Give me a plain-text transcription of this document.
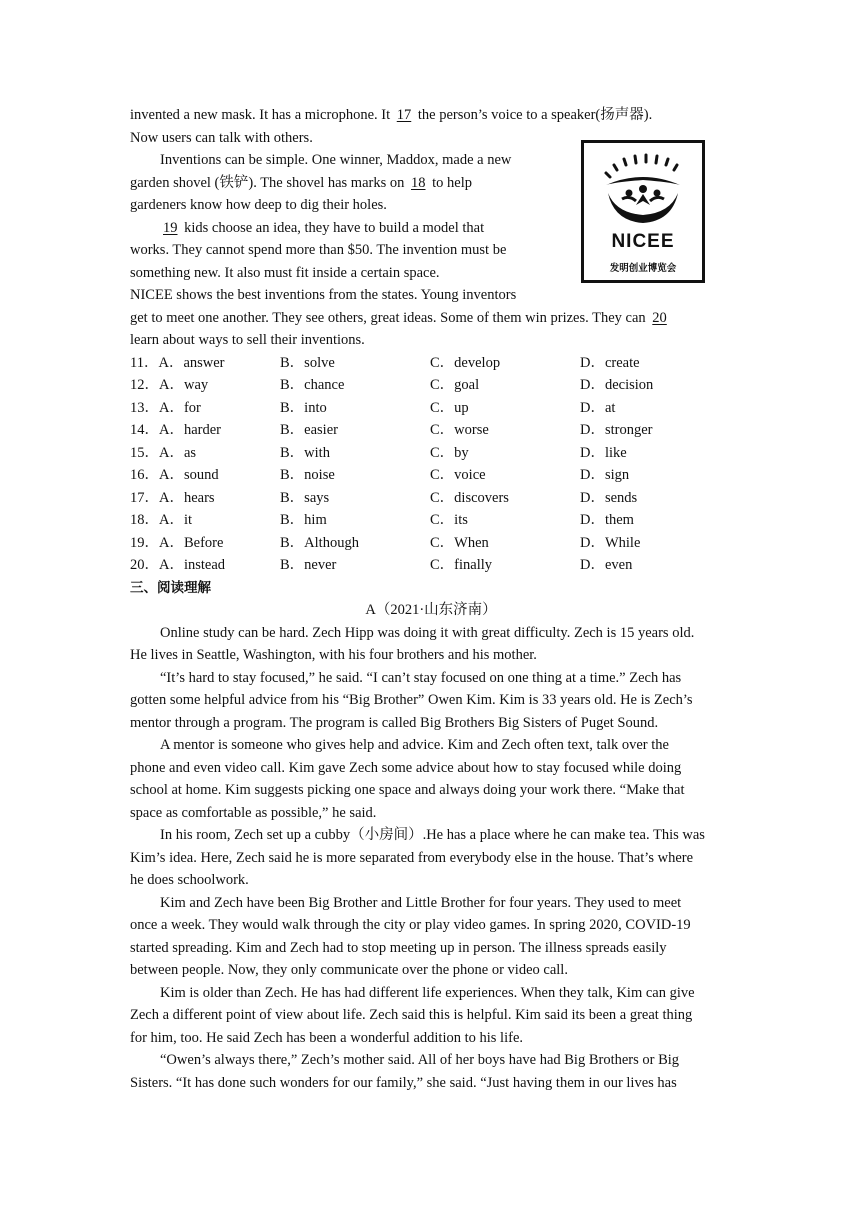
invented a new mask. It has a microphone. It 17 the person’s voice to a speaker(扬声器).
Now users can talk with others.
Inventions can be simple. One winner, Maddox, made a new
garden shovel (铁铲). The shovel has marks on 18 to help
gardeners know how deep to dig their holes.
19 kids choose an idea, they have to build a model that
works. They cannot spend more than $50. The invention must be
something new. It also must fit inside a certain space.
NICEE shows the best inventions from the states. Young inventors
get to meet one another. They see others, great ideas. Some of them win prizes. They can 20
learn about ways to sell their inventions.
11．A．answer	B．solve	C．develop	D．create
12．A．way	B．chance	C．goal	D．decision
13．A．for	B．into	C．up	D．at
14．A．harder	B．easier	C．worse	D．stronger
15．A．as	B．with	C．by	D．like
16．A．sound	B．noise	C．voice	D．sign
17．A．hears	B．says	C．discovers	D．sends
18．A．it	B．him	C．its	D．them
19．A．Before	B．Although	C．When	D．While
20．A．instead	B．never	C．finally	D．even
三、阅读理解
A（2021·山东济南）
Online study can be hard. Zech Hipp was doing it with great difficulty. Zech is 15 years old.
He lives in Seattle, Washington, with his four brothers and his mother.
“It’s hard to stay focused,” he said. “I can’t stay focused on one thing at a time.” Zech has
gotten some helpful advice from his “Big Brother” Owen Kim. Kim is 33 years old. He is Zech’s
mentor through a program. The program is called Big Brothers Big Sisters of Puget Sound.
A mentor is someone who gives help and advice. Kim and Zech often text, talk over the
phone and even video call. Kim gave Zech some advice about how to stay focused while doing
school at home. Kim suggests picking one space and always doing your work there. “Make that
space as comfortable as possible,” he said.
In his room, Zech set up a cubby（小房间）.He has a place where he can make tea. This was
Kim’s idea. Here, Zech said he is more separated from everybody else in the house. That’s where
he does schoolwork.
Kim and Zech have been Big Brother and Little Brother for four years. They used to meet
once a week. They would walk through the city or play video games. In spring 2020, COVID-19
started spreading. Kim and Zech had to stop meeting up in person. The illness spreads easily
between people. Now, they only communicate over the phone or video call.
Kim is older than Zech. He has had different life experiences. When they talk, Kim can give
Zech a different point of view about life. Zech said this is helpful. Kim said its been a great thing
for him, too. He said Zech has been a wonderful addition to his life.
“Owen’s always there,” Zech’s mother said. All of her boys have had Big Brothers or Big
Sisters. “It has done such wonders for our family,” she said. “Just having them in our lives has
NICEE
发明创业博览会
